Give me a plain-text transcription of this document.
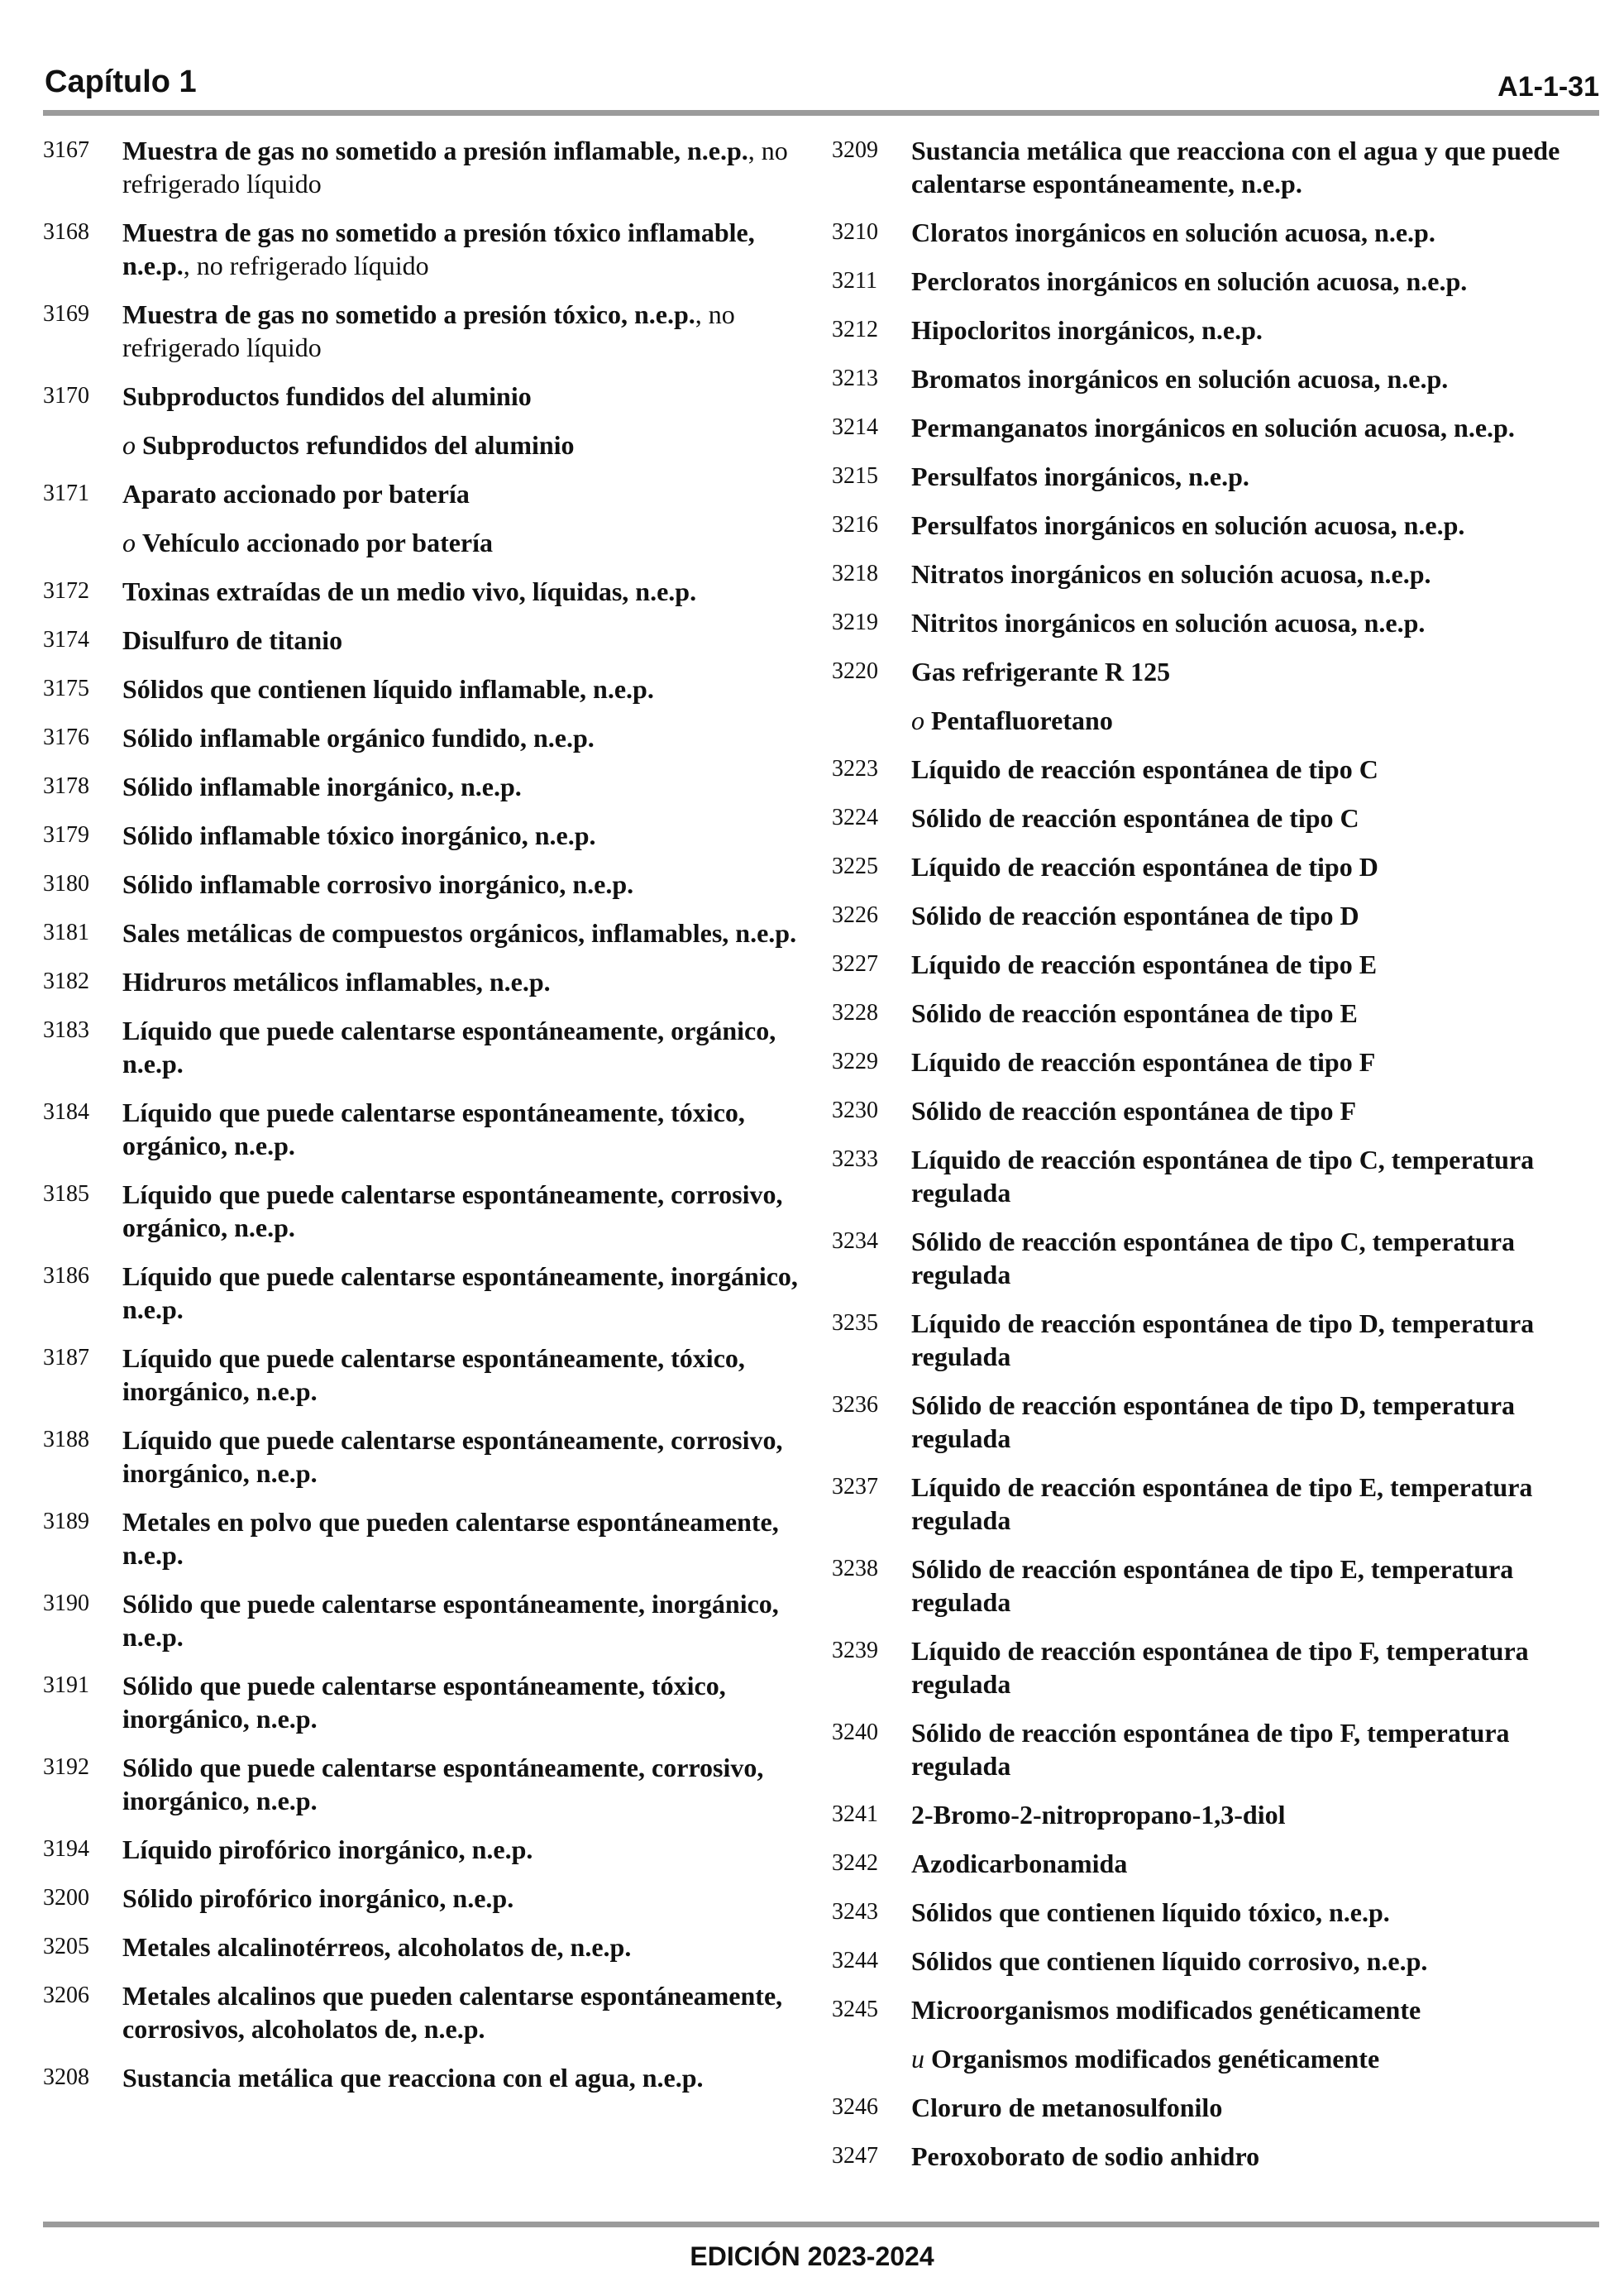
Capítulo 1	A1-1-31
3167	Muestra de gas no sometido a presión inflamable, n.e.p., no refrigerado líquido
3168	Muestra de gas no sometido a presión tóxico inflamable, n.e.p., no refrigerado líquido
3169	Muestra de gas no sometido a presión tóxico, n.e.p., no refrigerado líquido
3170	Subproductos fundidos del aluminio
o Subproductos refundidos del aluminio
3171	Aparato accionado por batería
o Vehículo accionado por batería
3172	Toxinas extraídas de un medio vivo, líquidas, n.e.p.
3174	Disulfuro de titanio
3175	Sólidos que contienen líquido inflamable, n.e.p.
3176	Sólido inflamable orgánico fundido, n.e.p.
3178	Sólido inflamable inorgánico, n.e.p.
3179	Sólido inflamable tóxico inorgánico, n.e.p.
3180	Sólido inflamable corrosivo inorgánico, n.e.p.
3181	Sales metálicas de compuestos orgánicos, inflamables, n.e.p.
3182	Hidruros metálicos inflamables, n.e.p.
3183	Líquido que puede calentarse espontáneamente, orgánico, n.e.p.
3184	Líquido que puede calentarse espontáneamente, tóxico, orgánico, n.e.p.
3185	Líquido que puede calentarse espontáneamente, corrosivo, orgánico, n.e.p.
3186	Líquido que puede calentarse espontáneamente, inorgánico, n.e.p.
3187	Líquido que puede calentarse espontáneamente, tóxico, inorgánico, n.e.p.
3188	Líquido que puede calentarse espontáneamente, corrosivo, inorgánico, n.e.p.
3189	Metales en polvo que pueden calentarse espontáneamente, n.e.p.
3190	Sólido que puede calentarse espontáneamente, inorgánico, n.e.p.
3191	Sólido que puede calentarse espontáneamente, tóxico, inorgánico, n.e.p.
3192	Sólido que puede calentarse espontáneamente, corrosivo, inorgánico, n.e.p.
3194	Líquido pirofórico inorgánico, n.e.p.
3200	Sólido pirofórico inorgánico, n.e.p.
3205	Metales alcalinotérreos, alcoholatos de, n.e.p.
3206	Metales alcalinos que pueden calentarse espontáneamente, corrosivos, alcoholatos de, n.e.p.
3208	Sustancia metálica que reacciona con el agua, n.e.p.
3209	Sustancia metálica que reacciona con el agua y que puede calentarse espontáneamente, n.e.p.
3210	Cloratos inorgánicos en solución acuosa, n.e.p.
3211	Percloratos inorgánicos en solución acuosa, n.e.p.
3212	Hipocloritos inorgánicos, n.e.p.
3213	Bromatos inorgánicos en solución acuosa, n.e.p.
3214	Permanganatos inorgánicos en solución acuosa, n.e.p.
3215	Persulfatos inorgánicos, n.e.p.
3216	Persulfatos inorgánicos en solución acuosa, n.e.p.
3218	Nitratos inorgánicos en solución acuosa, n.e.p.
3219	Nitritos inorgánicos en solución acuosa, n.e.p.
3220	Gas refrigerante R 125
o Pentafluoretano
3223	Líquido de reacción espontánea de tipo C
3224	Sólido de reacción espontánea de tipo C
3225	Líquido de reacción espontánea de tipo D
3226	Sólido de reacción espontánea de tipo D
3227	Líquido de reacción espontánea de tipo E
3228	Sólido de reacción espontánea de tipo E
3229	Líquido de reacción espontánea de tipo F
3230	Sólido de reacción espontánea de tipo F
3233	Líquido de reacción espontánea de tipo C, temperatura regulada
3234	Sólido de reacción espontánea de tipo C, temperatura regulada
3235	Líquido de reacción espontánea de tipo D, temperatura regulada
3236	Sólido de reacción espontánea de tipo D, temperatura regulada
3237	Líquido de reacción espontánea de tipo E, temperatura regulada
3238	Sólido de reacción espontánea de tipo E, temperatura regulada
3239	Líquido de reacción espontánea de tipo F, temperatura regulada
3240	Sólido de reacción espontánea de tipo F, temperatura regulada
3241	2-Bromo-2-nitropropano-1,3-diol
3242	Azodicarbonamida
3243	Sólidos que contienen líquido tóxico, n.e.p.
3244	Sólidos que contienen líquido corrosivo, n.e.p.
3245	Microorganismos modificados genéticamente
u Organismos modificados genéticamente
3246	Cloruro de metanosulfonilo
3247	Peroxoborato de sodio anhidro
EDICIÓN 2023-2024
